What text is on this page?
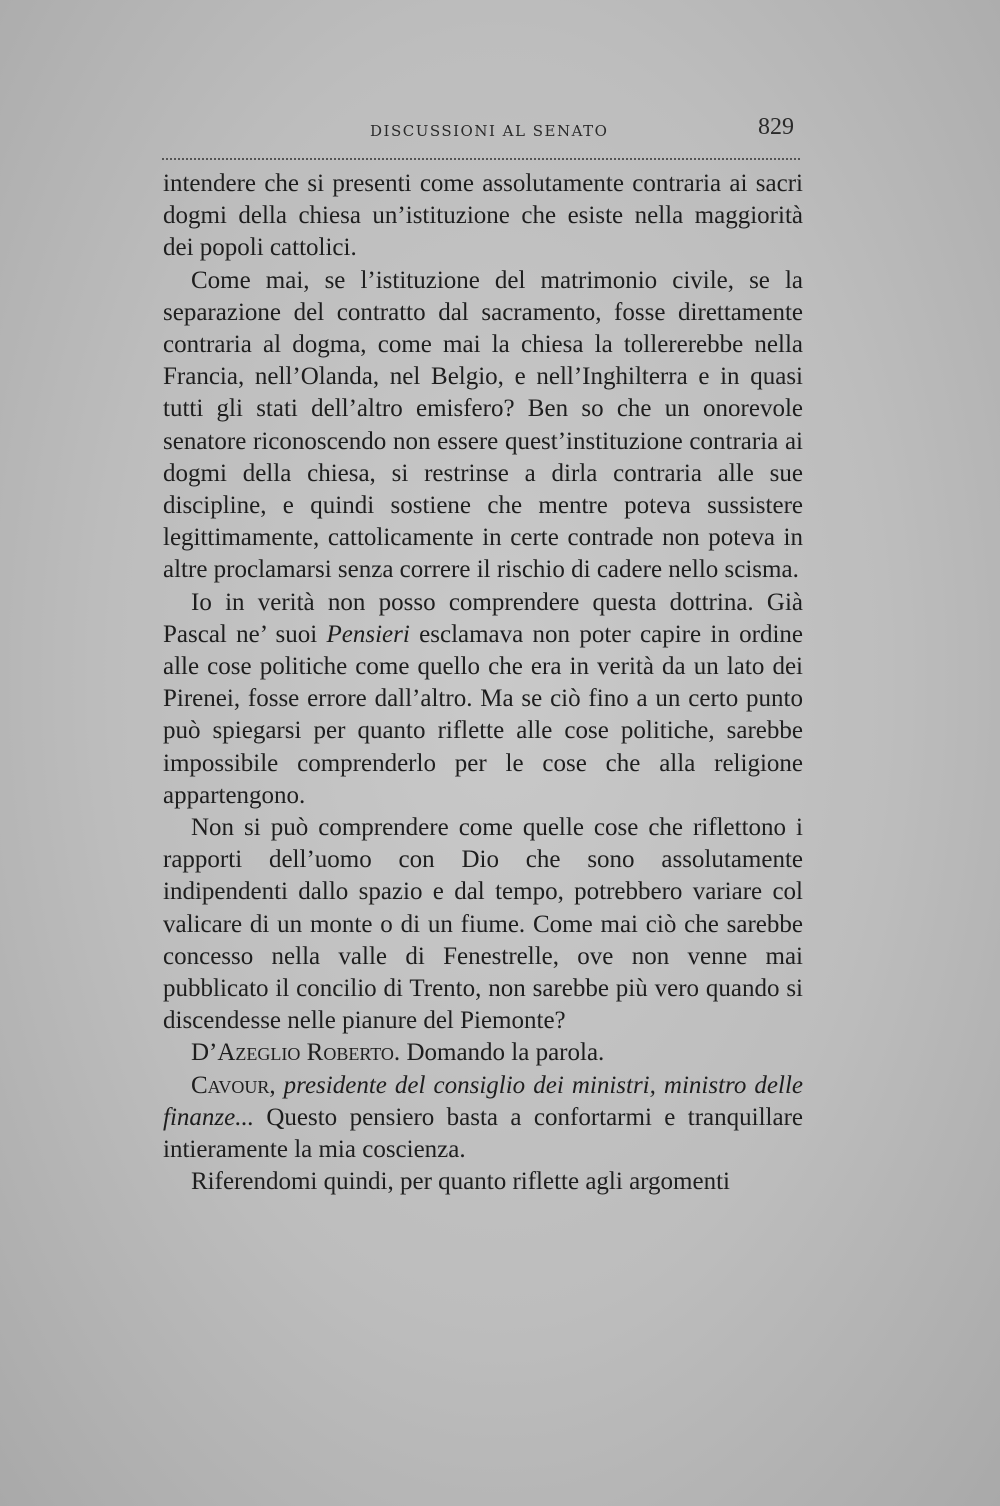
DISCUSSIONI AL SENATO	829

intendere che si presenti come assolutamente contraria ai sacri dogmi della chiesa un’istituzione che esiste nella maggiorità dei popoli cattolici.

Come mai, se l’istituzione del matrimonio civile, se la separazione del contratto dal sacramento, fosse direttamente contraria al dogma, come mai la chiesa la tollererebbe nella Francia, nell’Olanda, nel Belgio, e nell’Inghilterra e in quasi tutti gli stati dell’altro emisfero? Ben so che un onorevole senatore riconoscendo non essere quest’instituzione contraria ai dogmi della chiesa, si restrinse a dirla contraria alle sue discipline, e quindi sostiene che mentre poteva sussistere legittimamente, cattolicamente in certe contrade non poteva in altre proclamarsi senza correre il rischio di cadere nello scisma.

Io in verità non posso comprendere questa dottrina. Già Pascal ne’ suoi Pensieri esclamava non poter capire in ordine alle cose politiche come quello che era in verità da un lato dei Pirenei, fosse errore dall’altro. Ma se ciò fino a un certo punto può spiegarsi per quanto riflette alle cose politiche, sarebbe impossibile comprenderlo per le cose che alla religione appartengono.

Non si può comprendere come quelle cose che riflettono i rapporti dell’uomo con Dio che sono assolutamente indipendenti dallo spazio e dal tempo, potrebbero variare col valicare di un monte o di un fiume. Come mai ciò che sarebbe concesso nella valle di Fenestrelle, ove non venne mai pubblicato il concilio di Trento, non sarebbe più vero quando si discendesse nelle pianure del Piemonte?

D’Azeglio Roberto. Domando la parola.

Cavour, presidente del consiglio dei ministri, ministro delle finanze... Questo pensiero basta a confortarmi e tranquillare intieramente la mia coscienza.

Riferendomi quindi, per quanto riflette agli argomenti
